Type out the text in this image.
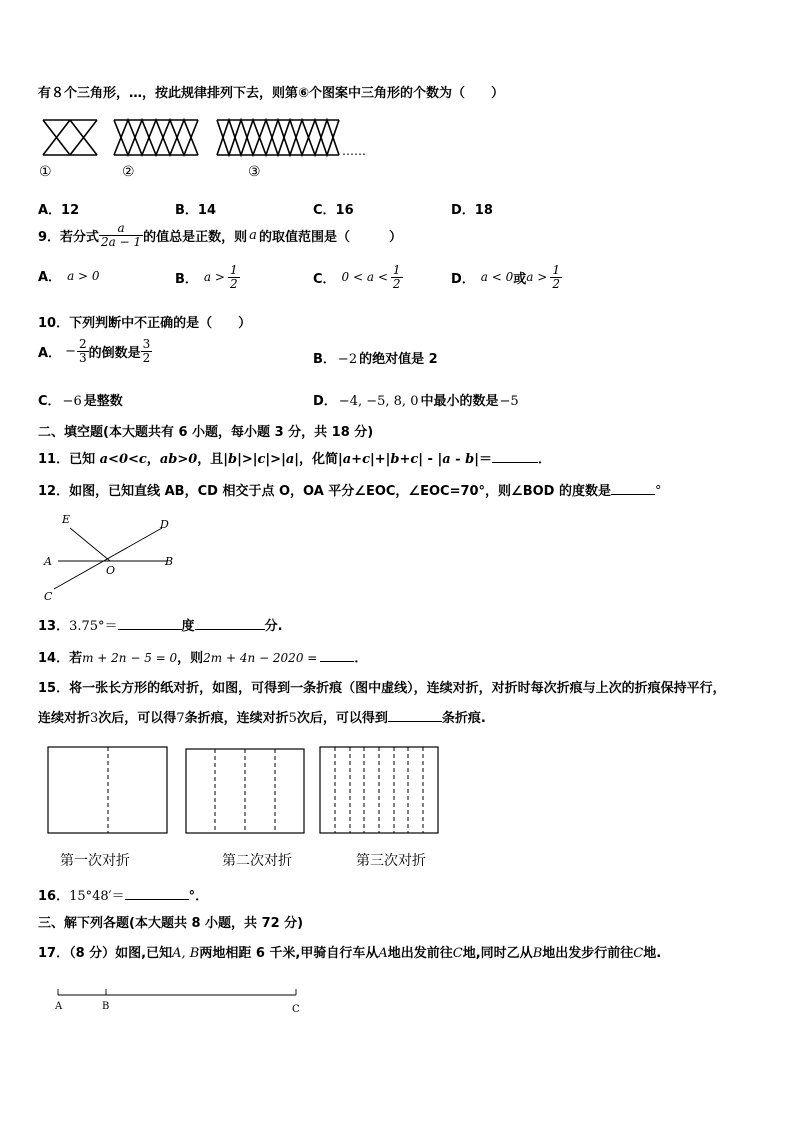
有８个三角形，…，按此规律排列下去，则第⑥个图案中三角形的个数为（　　）
……
①	②	③
A．12	B．14	C．16	D．18
9．若分式 $\frac{a}{2a - 1}$ 的值总是正数，则 a 的取值范围是（　　　）
A． a > 0	B． $a > \frac{1}{2}$	C． $0 < a < \frac{1}{2}$	D． a < 0 或 $a > \frac{1}{2}$
10．下列判断中不正确的是（　　）
A． − $\frac{2}{3}$ 的倒数是 $\frac{3}{2}$	B． −2 的绝对值是 2
C． −6 是整数	D． −4, −5, 8, 0 中最小的数是−5
二、填空题(本大题共有 6 小题，每小题 3 分，共 18 分)
11．已知 a<0<c，ab>0，且|b|>|c|>|a|，化简|a+c|+|b+c| - |a - b|＝	．
12．如图，已知直线 AB，CD 相交于点 O，OA 平分∠EOC，∠EOC=70°，则∠BOD 的度数是	°
E	D
A
O
B
C
13．3.75°＝	度	分.
14．若m + 2n − 5 = 0，则2m + 4n − 2020 =	．
15．将一张长方形的纸对折，如图，可得到一条折痕（图中虚线），连续对折，对折时每次折痕与上次的折痕保持平行，
连续对折3次后，可以得7条折痕，连续对折5次后，可以得到	条折痕.
第一次对折	第二次对折	第三次对折
16．15°48′＝	°．
三、解下列各题(本大题共 8 小题，共 72 分)
17．（8 分）如图,已知A, B两地相距 6 千米,甲骑自行车从A地出发前往C地,同时乙从B地出发步行前往C地.
A	B	C
